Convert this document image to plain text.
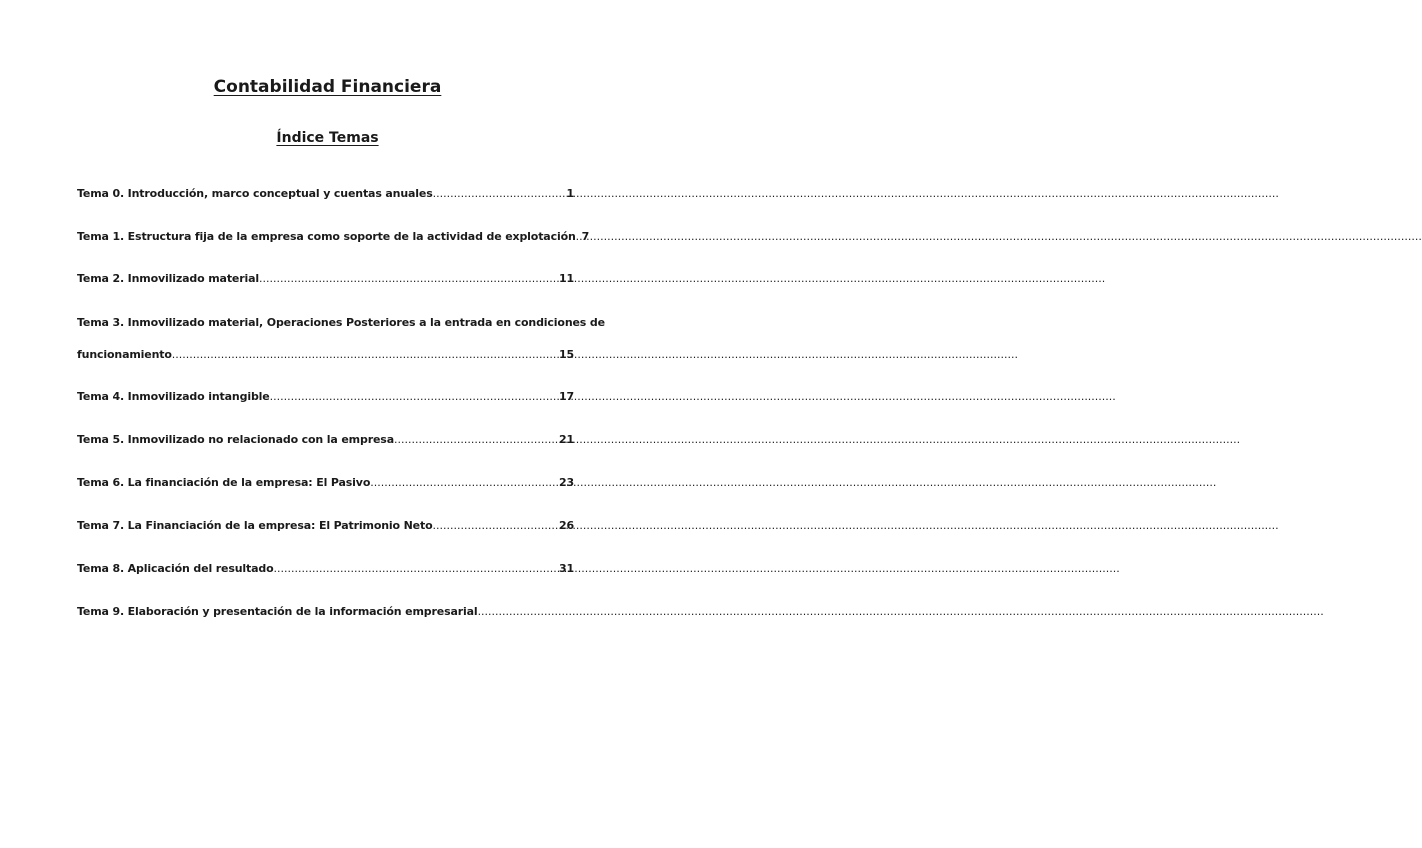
Contabilidad Financiera
Índice Temas
Tema 0. Introducción, marco conceptual y cuentas anuales .....	1
Tema 1. Estructura fija de la empresa como soporte de la actividad de explotación ..... 7
Tema 2. Inmovilizado material .....	11
Tema 3. Inmovilizado material, Operaciones Posteriores a la entrada en condiciones de
funcionamiento .....	15
Tema 4. Inmovilizado intangible .....	17
Tema 5. Inmovilizado no relacionado con la empresa .....	21
Tema 6. La financiación de la empresa: El Pasivo .....	23
Tema 7. La Financiación de la empresa: El Patrimonio Neto .....	26
Tema 8. Aplicación del resultado .....	31
Tema 9. Elaboración y presentación de la información empresarial
.....
